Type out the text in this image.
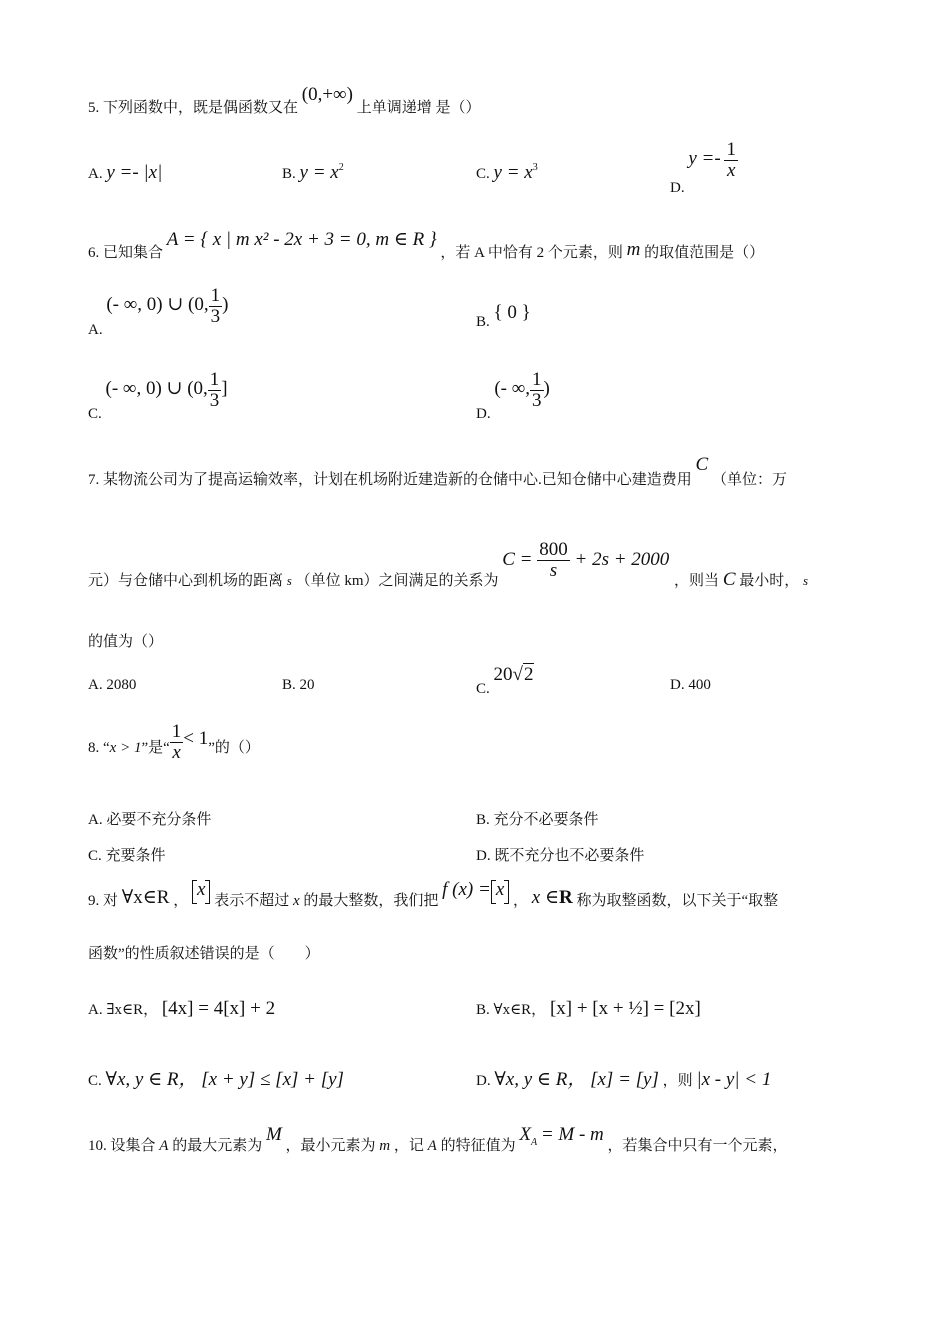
5. 下列函数中，既是偶函数又在 (0,+∞) 上单调递增 是（）
A. y =- |x|	B. $y = x^2$	C. $y = x^3$
D. $y =- \frac{1}{x}$
6. 已知集合 A = { x | m x² - 2x + 3 = 0, m ∈ R } ，若 A 中恰有 2 个元素，则 m 的取值范围是（）
A. (- ∞, 0) ∪ (0, $\frac{1}{3}$ )
B. { 0 }
C. (- ∞, 0) ∪ (0, $\frac{1}{3}$ ]
D. (- ∞, $\frac{1}{3}$ )
7. 某物流公司为了提高运输效率，计划在机场附近建造新的仓储中心.已知仓储中心建造费用 C （单位：万
元）与仓储中心到机场的距离 s （单位 km）之间满足的关系为 $C = \frac{800}{s} + 2s + 2000$ ，则当 C 最小时， s
的值为（）
A. 2080	B. 20	C. 20√2	D. 400
8. “x > 1”是“ $\frac{1}{x} < 1$”的（）
A. 必要不充分条件	B. 充分不必要条件
C. 充要条件	D. 既不充分也不必要条件
9. 对 ∀x∈R ， x 表示不超过 x 的最大整数，我们把 f (x) = x ， x ∈R 称为取整函数，以下关于“取整
函数”的性质叙述错误的是（　　）
A. ∃x∈R， [4x] = 4[x] + 2	B. ∀x∈R， [x] + [x + ½] = [2x]
C. ∀x, y ∈ R， [x + y] ≤ [x] + [y]	D. ∀x, y ∈ R， [x] = [y] ，则 |x - y| < 1
10. 设集合 A 的最大元素为 M ，最小元素为 m ，记 A 的特征值为 $X_A = M - m$ ，若集合中只有一个元素，
